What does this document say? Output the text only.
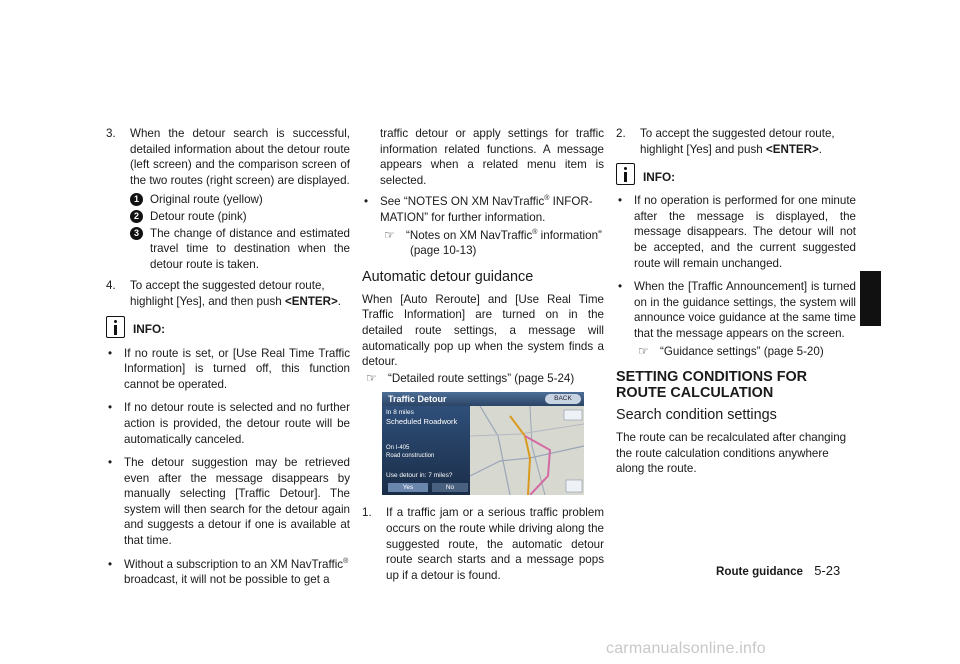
3.	When the detour search is successful, detailed information about the detour route (left screen) and the comparison screen of the two routes (right screen) are displayed.
1 Original route (yellow)
2 Detour route (pink)
3 The change of distance and estimated travel time to destination when the detour route is taken.
4.	To accept the suggested detour route, highlight [Yes], and then push <ENTER>.
INFO:
• If no route is set, or [Use Real Time Traffic Information] is turned off, this function cannot be operated.
• If no detour route is selected and no further action is provided, the detour route will be automatically canceled.
• The detour suggestion may be retrieved even after the message disappears by manually selecting [Traffic Detour]. The system will then search for the detour again and suggests a detour if one is available at that time.
• Without a subscription to an XM NavTraffic® broadcast, it will not be possible to get a

traffic detour or apply settings for traffic information related functions. A message appears when a related menu item is selected.

• See “NOTES ON XM NavTraffic® INFOR-MATION” for further information.
☞ “Notes on XM NavTraffic® information”
(page 10-13)
Automatic detour guidance

When [Auto Reroute] and [Use Real Time Traffic Information] are turned on in the detailed route settings, a message will automatically pop up when the system finds a detour.

☞ “Detailed route settings” (page 5-24)
Traffic Detour	BACK
In 8 miles
Scheduled Roadwork
On I-405
Road construction
Use detour in: 7 miles?
Yes	No
1.	If a traffic jam or a serious traffic problem occurs on the route while driving along the suggested route, the automatic detour route search starts and a message pops up if a detour is found.
2.	To accept the suggested detour route, highlight [Yes] and push <ENTER>.
INFO:
• If no operation is performed for one minute after the message is displayed, the message disappears. The detour will not be accepted, and the current suggested route will remain unchanged.
• When the [Traffic Announcement] is turned on in the guidance settings, the system will announce voice guidance at the same time that the message appears on the screen.
☞ “Guidance settings” (page 5-20)
SETTING CONDITIONS FOR ROUTE CALCULATION
Search condition settings

The route can be recalculated after changing the route calculation conditions anywhere along the route.

Route guidance 5-23
carmanualsonline.info
